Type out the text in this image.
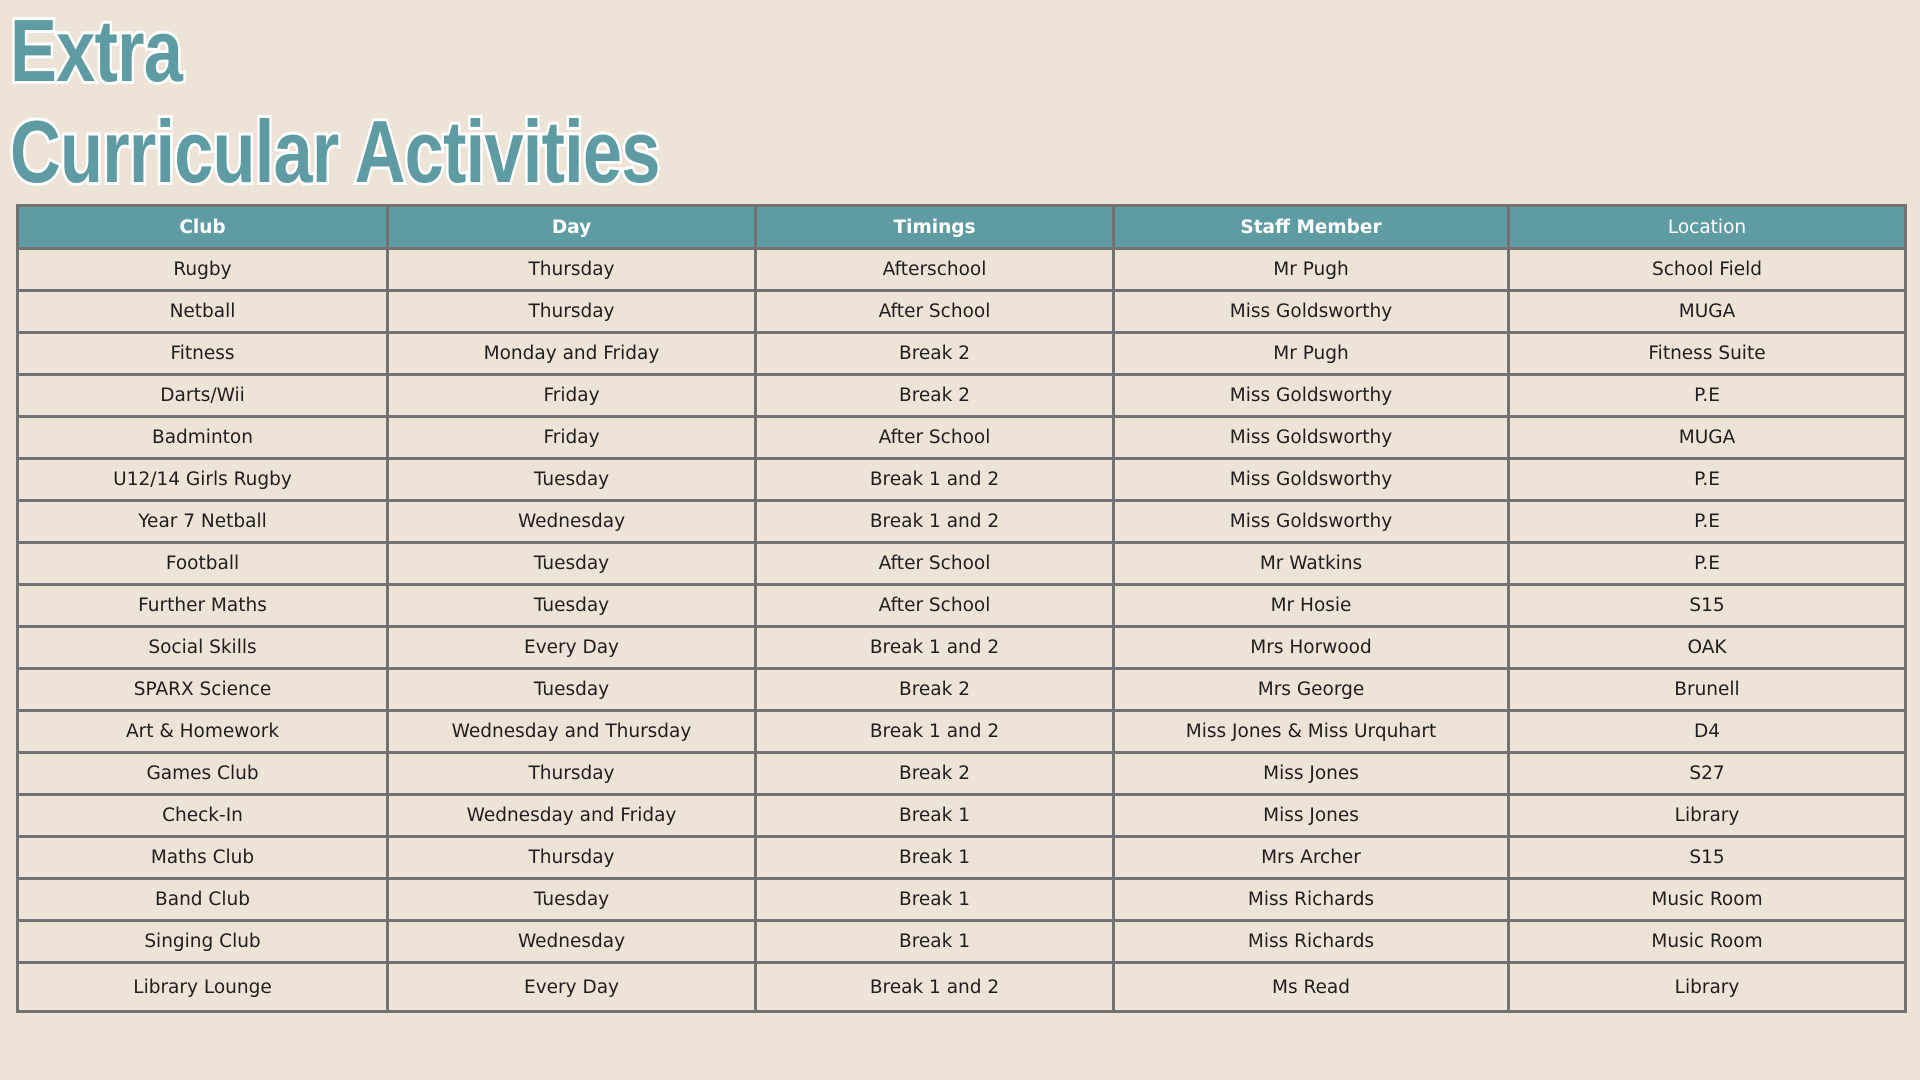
Extra
Curricular Activities
Club	Day	Timings	Staff Member	Location
Rugby	Thursday	Afterschool	Mr Pugh	School Field
Netball	Thursday	After School	Miss Goldsworthy	MUGA
Fitness	Monday and Friday	Break 2	Mr Pugh	Fitness Suite
Darts/Wii	Friday	Break 2	Miss Goldsworthy	P.E
Badminton	Friday	After School	Miss Goldsworthy	MUGA
U12/14 Girls Rugby	Tuesday	Break 1 and 2	Miss Goldsworthy	P.E
Year 7 Netball	Wednesday	Break 1 and 2	Miss Goldsworthy	P.E
Football	Tuesday	After School	Mr Watkins	P.E
Further Maths	Tuesday	After School	Mr Hosie	S15
Social Skills	Every Day	Break 1 and 2	Mrs Horwood	OAK
SPARX Science	Tuesday	Break 2	Mrs George	Brunell
Art & Homework	Wednesday and Thursday	Break 1 and 2	Miss Jones & Miss Urquhart	D4
Games Club	Thursday	Break 2	Miss Jones	S27
Check-In	Wednesday and Friday	Break 1	Miss Jones	Library
Maths Club	Thursday	Break 1	Mrs Archer	S15
Band Club	Tuesday	Break 1	Miss Richards	Music Room
Singing Club	Wednesday	Break 1	Miss Richards	Music Room
Library Lounge	Every Day	Break 1 and 2	Ms Read	Library
